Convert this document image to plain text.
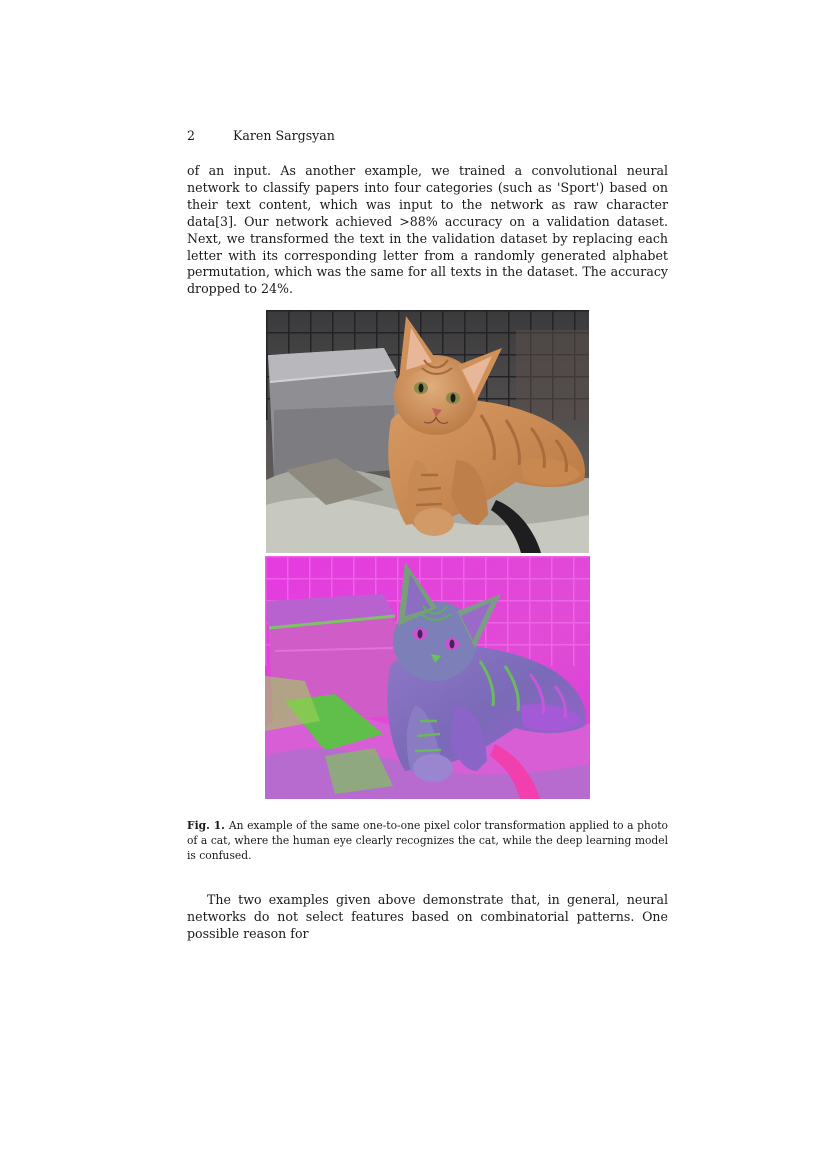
2	Karen Sargsyan

of an input. As another example, we trained a convolutional neural network to classify papers into four categories (such as 'Sport') based on their text content, which was input to the network as raw character data[3]. Our network achieved >88% accuracy on a validation dataset. Next, we transformed the text in the validation dataset by replacing each letter with its corresponding letter from a randomly generated alphabet permutation, which was the same for all texts in the dataset. The accuracy dropped to 24%.

Fig. 1. An example of the same one-to-one pixel color transformation applied to a photo of a cat, where the human eye clearly recognizes the cat, while the deep learning model is confused.

The two examples given above demonstrate that, in general, neural networks do not select features based on combinatorial patterns. One possible reason for
